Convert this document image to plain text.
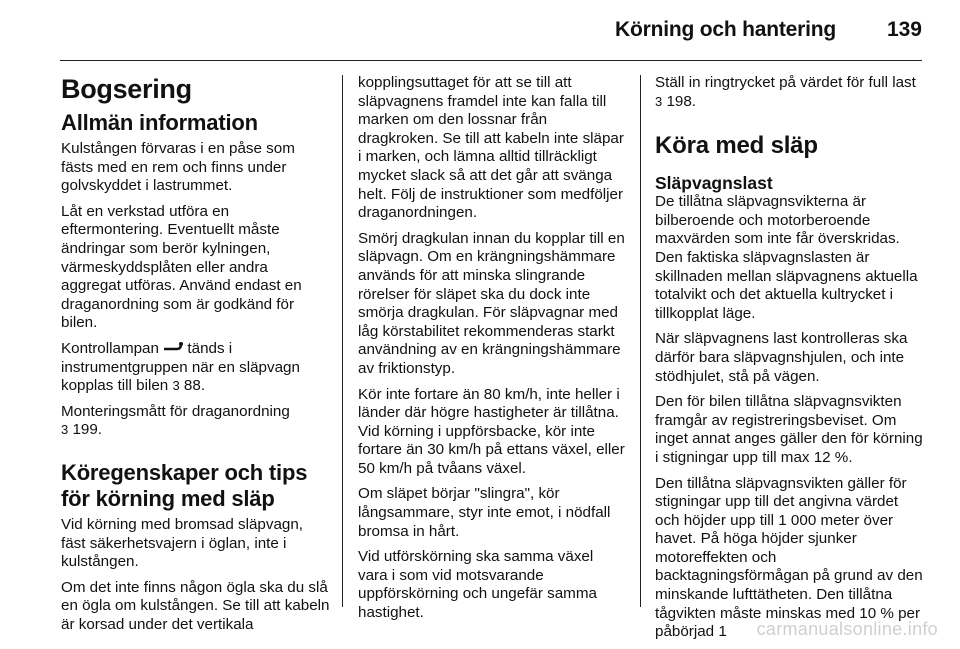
Körning och hantering 139
Bogsering
Allmän information

Kulstången förvaras i en påse som fästs med en rem och finns under golvskyddet i lastrummet.

Låt en verkstad utföra en eftermontering. Eventuellt måste ändringar som berör kylningen, värmeskyddsplåten eller andra aggregat utföras. Använd endast en draganordning som är godkänd för bilen.

Kontrollampan tänds i instrumentgruppen när en släpvagn kopplas till bilen 3 88.

Monteringsmått för draganordning
3 199.

Köregenskaper och tips för körning med släp

Vid körning med bromsad släpvagn, fäst säkerhetsvajern i öglan, inte i kulstången.

Om det inte finns någon ögla ska du slå en ögla om kulstången. Se till att kabeln är korsad under det vertikala

kopplingsuttaget för att se till att släpvagnens framdel inte kan falla till marken om den lossnar från dragkroken. Se till att kabeln inte släpar i marken, och lämna alltid tillräckligt mycket slack så att det går att svänga helt. Följ de instruktioner som medföljer draganordningen.

Smörj dragkulan innan du kopplar till en släpvagn. Om en krängningshämmare används för att minska slingrande rörelser för släpet ska du dock inte smörja dragkulan. För släpvagnar med låg körstabilitet rekommenderas starkt användning av en krängningshämmare av friktionstyp.

Kör inte fortare än 80 km/h, inte heller i länder där högre hastigheter är tillåtna. Vid körning i uppförsbacke, kör inte fortare än 30 km/h på ettans växel, eller 50 km/h på tvåans växel.

Om släpet börjar "slingra", kör långsammare, styr inte emot, i nödfall bromsa in hårt.

Vid utförskörning ska samma växel vara i som vid motsvarande uppförskörning och ungefär samma hastighet.

Ställ in ringtrycket på värdet för full last 3 198.

Köra med släp
Släpvagnslast

De tillåtna släpvagnsvikterna är bilberoende och motorberoende maxvärden som inte får överskridas. Den faktiska släpvagnslasten är skillnaden mellan släpvagnens aktuella totalvikt och det aktuella kultrycket i tillkopplat läge.

När släpvagnens last kontrolleras ska därför bara släpvagnshjulen, och inte stödhjulet, stå på vägen.

Den för bilen tillåtna släpvagnsvikten framgår av registreringsbeviset. Om inget annat anges gäller den för körning i stigningar upp till max 12 %.

Den tillåtna släpvagnsvikten gäller för stigningar upp till det angivna värdet och höjder upp till 1 000 meter över havet. På höga höjder sjunker motoreffekten och backtagningsförmågan på grund av den minskande lufttätheten. Den tillåtna tågvikten måste minskas med 10 % per påbörjad 1	carmanualsonline.info
